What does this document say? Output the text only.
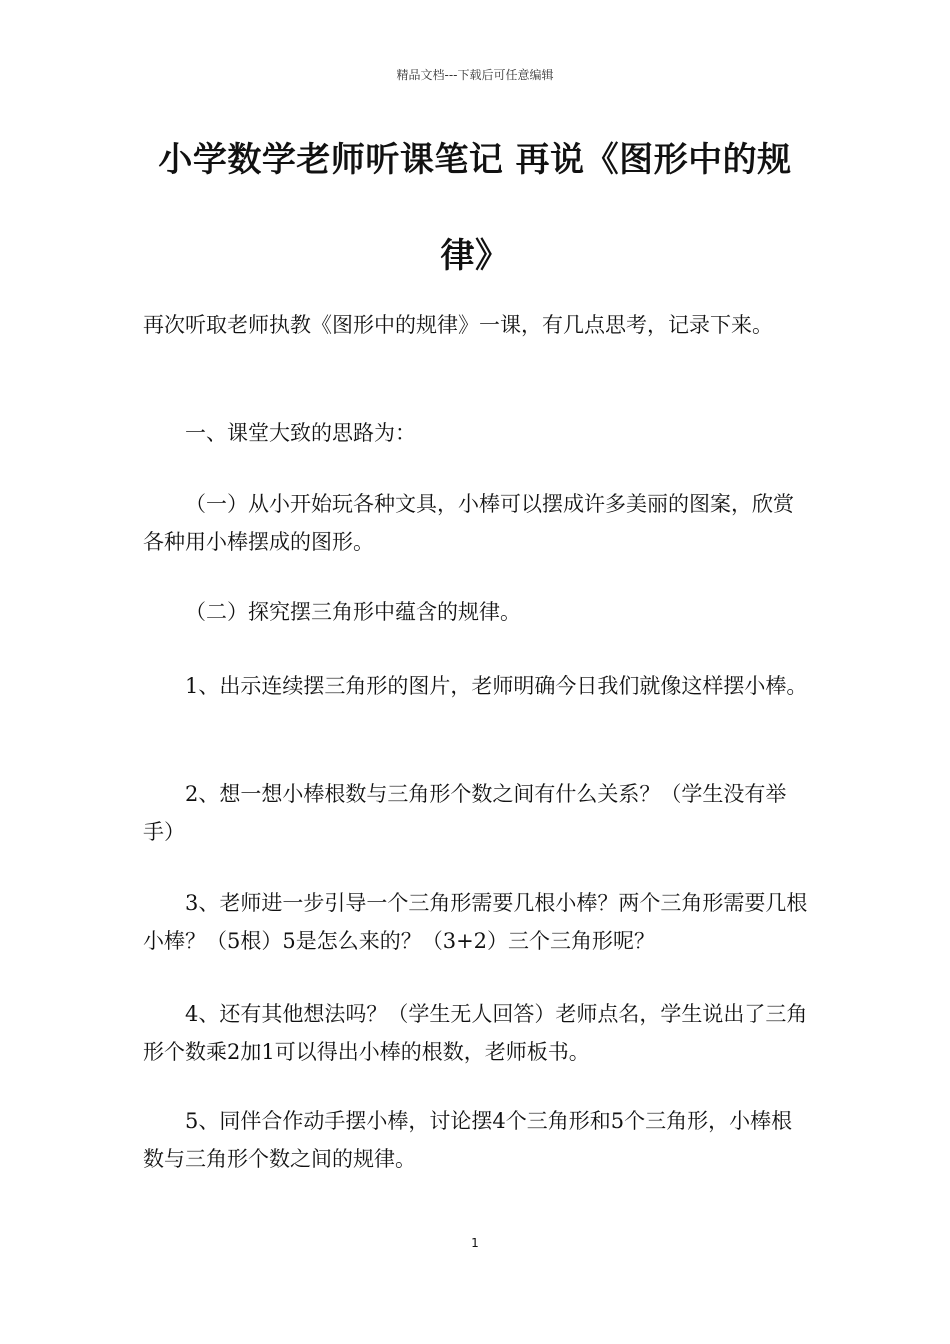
精品文档---下载后可任意编辑
小学数学老师听课笔记 再说《图形中的规
律》

再次听取老师执教《图形中的规律》一课，有几点思考，记录下来。

一、课堂大致的思路为：

（一）从小开始玩各种文具，小棒可以摆成许多美丽的图案，欣赏各种用小棒摆成的图形。

（二）探究摆三角形中蕴含的规律。

1、出示连续摆三角形的图片，老师明确今日我们就像这样摆小棒。

2、想一想小棒根数与三角形个数之间有什么关系？（学生没有举手）

3、老师进一步引导一个三角形需要几根小棒？两个三角形需要几根小棒？（5根）5是怎么来的？（3+2）三个三角形呢？

4、还有其他想法吗？（学生无人回答）老师点名，学生说出了三角形个数乘2加1可以得出小棒的根数，老师板书。

5、同伴合作动手摆小棒，讨论摆4个三角形和5个三角形，小棒根数与三角形个数之间的规律。

1
